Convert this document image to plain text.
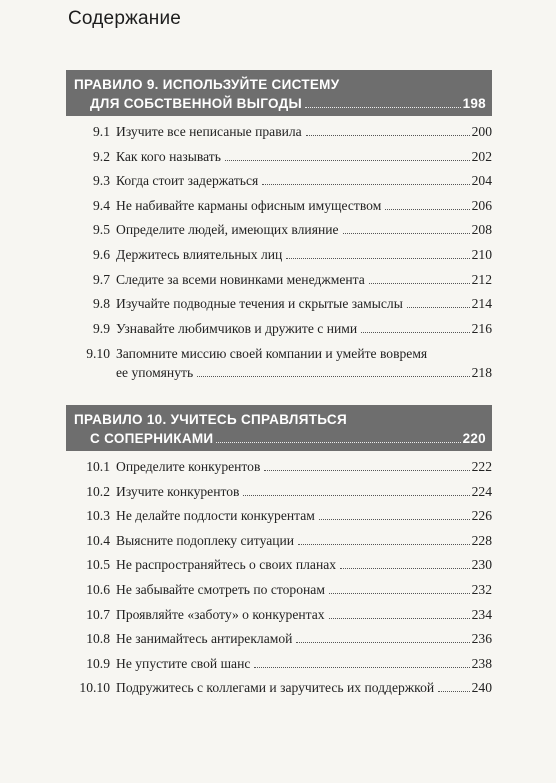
Содержание
ПРАВИЛО 9. ИСПОЛЬЗУЙТЕ СИСТЕМУ
ДЛЯ СОБСТВЕННОЙ ВЫГОДЫ	198
9.1 Изучите все неписаные правила	200
9.2 Как кого называть	202
9.3 Когда стоит задержаться	204
9.4 Не набивайте карманы офисным имуществом	206
9.5 Определите людей, имеющих влияние	208
9.6 Держитесь влиятельных лиц	210
9.7 Следите за всеми новинками менеджмента	212
9.8 Изучайте подводные течения и скрытые замыслы	214
9.9 Узнавайте любимчиков и дружите с ними	216
9.10 Запомните миссию своей компании и умейте вовремя
ее упомянуть	218
ПРАВИЛО 10. УЧИТЕСЬ СПРАВЛЯТЬСЯ
С СОПЕРНИКАМИ	220
10.1 Определите конкурентов	222
10.2 Изучите конкурентов	224
10.3 Не делайте подлости конкурентам	226
10.4 Выясните подоплеку ситуации	228
10.5 Не распространяйтесь о своих планах	230
10.6 Не забывайте смотреть по сторонам	232
10.7 Проявляйте «заботу» о конкурентах	234
10.8 Не занимайтесь антирекламой	236
10.9 Не упустите свой шанс	238
10.10 Подружитесь с коллегами и заручитесь их поддержкой	240
